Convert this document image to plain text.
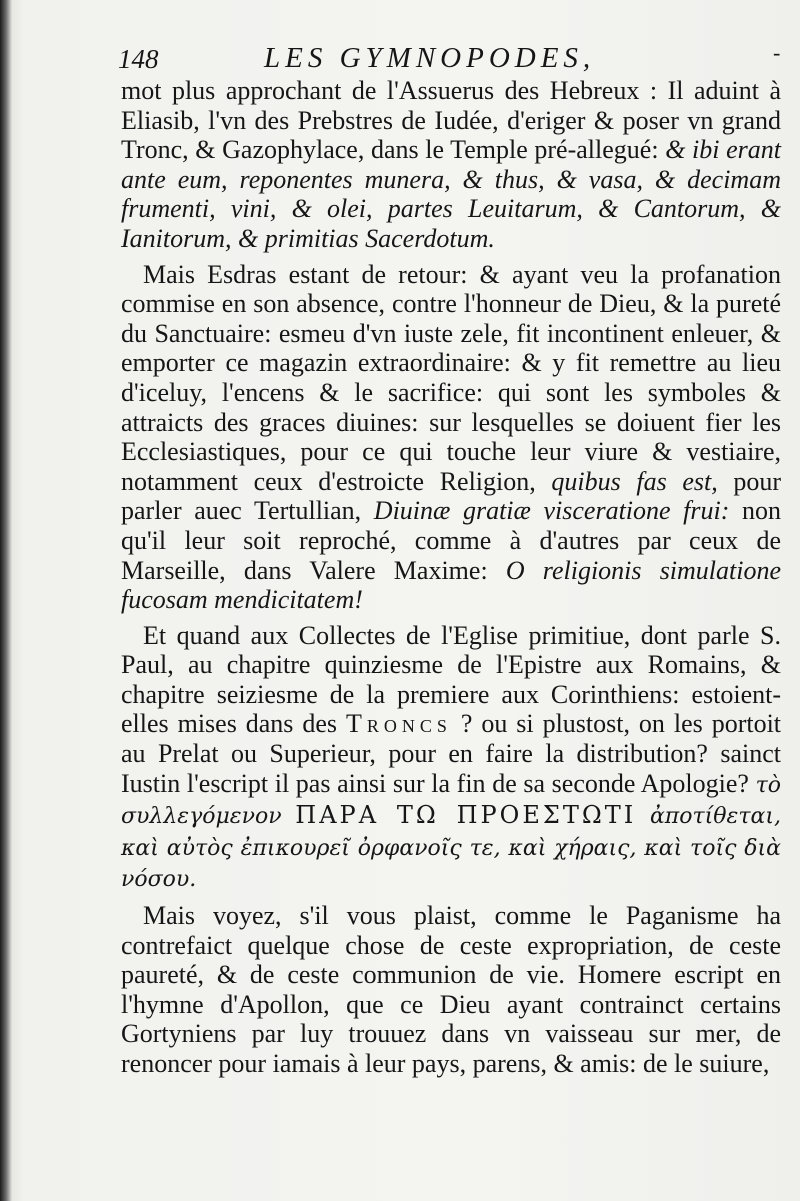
148	LES GYMNOPODES,	-

mot plus approchant de l'Assuerus des Hebreux : Il aduint à Eliasib, l'vn des Prebstres de Iudée, d'eriger & poser vn grand Tronc, & Gazophylace, dans le Temple pré-allegué: & ibi erant ante eum, reponentes munera, & thus, & vasa, & decimam frumenti, vini, & olei, partes Leuitarum, & Cantorum, & Ianitorum, & primitias Sacerdotum.

Mais Esdras estant de retour: & ayant veu la profanation commise en son absence, contre l'honneur de Dieu, & la pureté du Sanctuaire: esmeu d'vn iuste zele, fit incontinent enleuer, & emporter ce magazin extraordinaire: & y fit remettre au lieu d'iceluy, l'encens & le sacrifice: qui sont les symboles & attraicts des graces diuines: sur lesquelles se doiuent fier les Ecclesiastiques, pour ce qui touche leur viure & vestiaire, notamment ceux d'estroicte Religion, quibus fas est, pour parler auec Tertullian, Diuinæ gratiæ visceratione frui: non qu'il leur soit reproché, comme à d'autres par ceux de Marseille, dans Valere Maxime: O religionis simulatione fucosam mendicitatem!

Et quand aux Collectes de l'Eglise primitiue, dont parle S. Paul, au chapitre quinziesme de l'Epistre aux Romains, & chapitre seiziesme de la premiere aux Corinthiens: estoient-elles mises dans des Troncs ? ou si plustost, on les portoit au Prelat ou Superieur, pour en faire la distribution? sainct Iustin l'escript il pas ainsi sur la fin de sa seconde Apologie? τὸ συλλεγόμενον ΠΑΡΑ ΤΩ ΠΡΟΕΣΤΩΤΙ ἀποτίθεται, καὶ αὐτὸς ἐπικουρεῖ ὀρφανοῖς τε, καὶ χήραις, καὶ τοῖς διὰ νόσου.

Mais voyez, s'il vous plaist, comme le Paganisme ha contrefaict quelque chose de ceste expropriation, de ceste paureté, & de ceste communion de vie. Homere escript en l'hymne d'Apollon, que ce Dieu ayant contrainct certains Gortyniens par luy trouuez dans vn vaisseau sur mer, de renoncer pour iamais à leur pays, parens, & amis: de le suiure,
